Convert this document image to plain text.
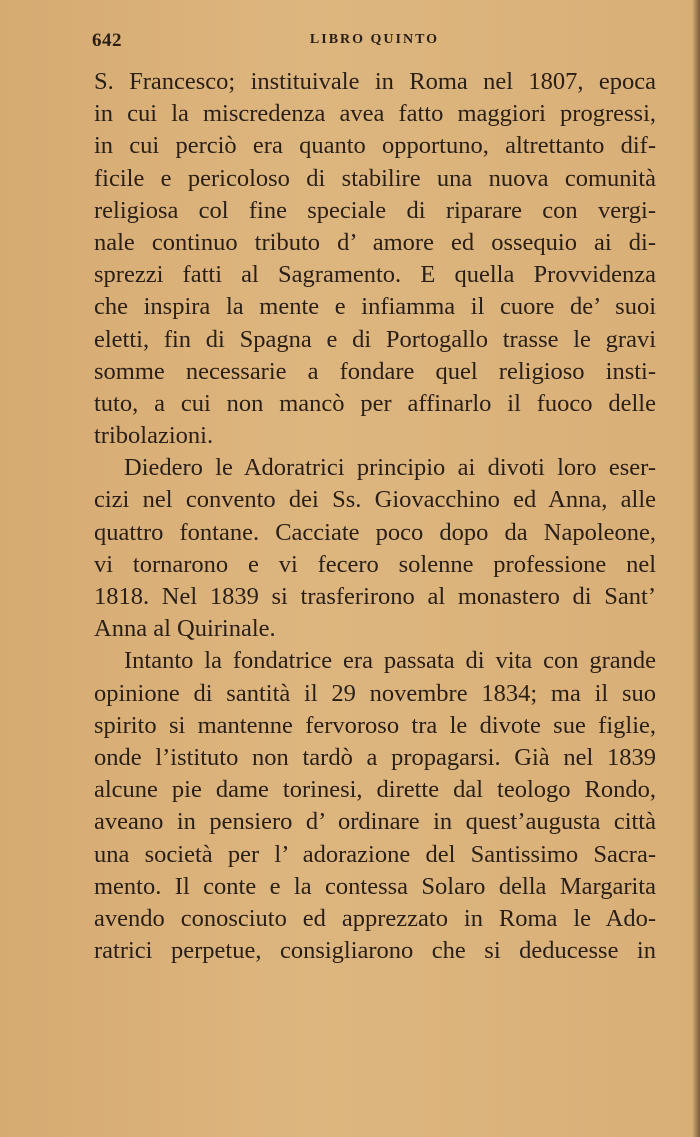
642	LIBRO QUINTO
S. Francesco; instituivale in Roma nel 1807, epoca
in cui la miscredenza avea fatto maggiori progressi,
in cui perciò era quanto opportuno, altrettanto dif-
ficile e pericoloso di stabilire una nuova comunità
religiosa col fine speciale di riparare con vergi-
nale continuo tributo d’ amore ed ossequio ai di-
sprezzi fatti al Sagramento. E quella Provvidenza
che inspira la mente e infiamma il cuore de’ suoi
eletti, fin di Spagna e di Portogallo trasse le gravi
somme necessarie a fondare quel religioso insti-
tuto, a cui non mancò per affinarlo il fuoco delle
tribolazioni.
Diedero le Adoratrici principio ai divoti loro eser-
cizi nel convento dei Ss. Giovacchino ed Anna, alle
quattro fontane. Cacciate poco dopo da Napoleone,
vi tornarono e vi fecero solenne professione nel
1818. Nel 1839 si trasferirono al monastero di Sant’
Anna al Quirinale.
Intanto la fondatrice era passata di vita con grande
opinione di santità il 29 novembre 1834; ma il suo
spirito si mantenne fervoroso tra le divote sue figlie,
onde l’istituto non tardò a propagarsi. Già nel 1839
alcune pie dame torinesi, dirette dal teologo Rondo,
aveano in pensiero d’ ordinare in quest’augusta città
una società per l’ adorazione del Santissimo Sacra-
mento. Il conte e la contessa Solaro della Margarita
avendo conosciuto ed apprezzato in Roma le Ado-
ratrici perpetue, consigliarono che si deducesse in
